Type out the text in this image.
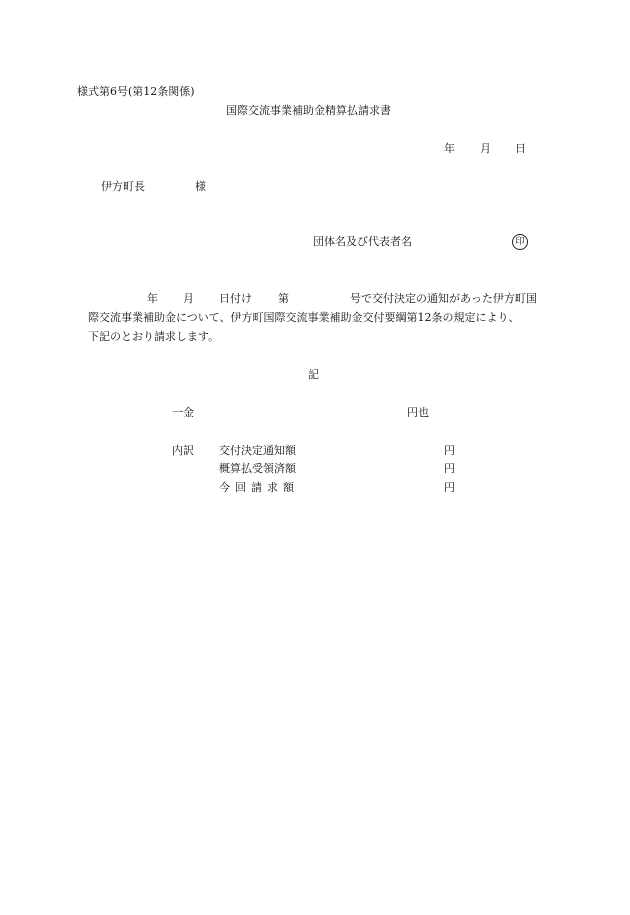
様式第6号(第12条関係)
国際交流事業補助金精算払請求書
年 月 日
伊方町長	様
団体名及び代表者名	印
年 月 日付け 第	号で交付決定の通知があった伊方町国
際交流事業補助金について、伊方町国際交流事業補助金交付要綱第12条の規定により、
下記のとおり請求します。
記
一金	円也
内訳 交付決定通知額	円
概算払受領済額	円
今回請求額	円
